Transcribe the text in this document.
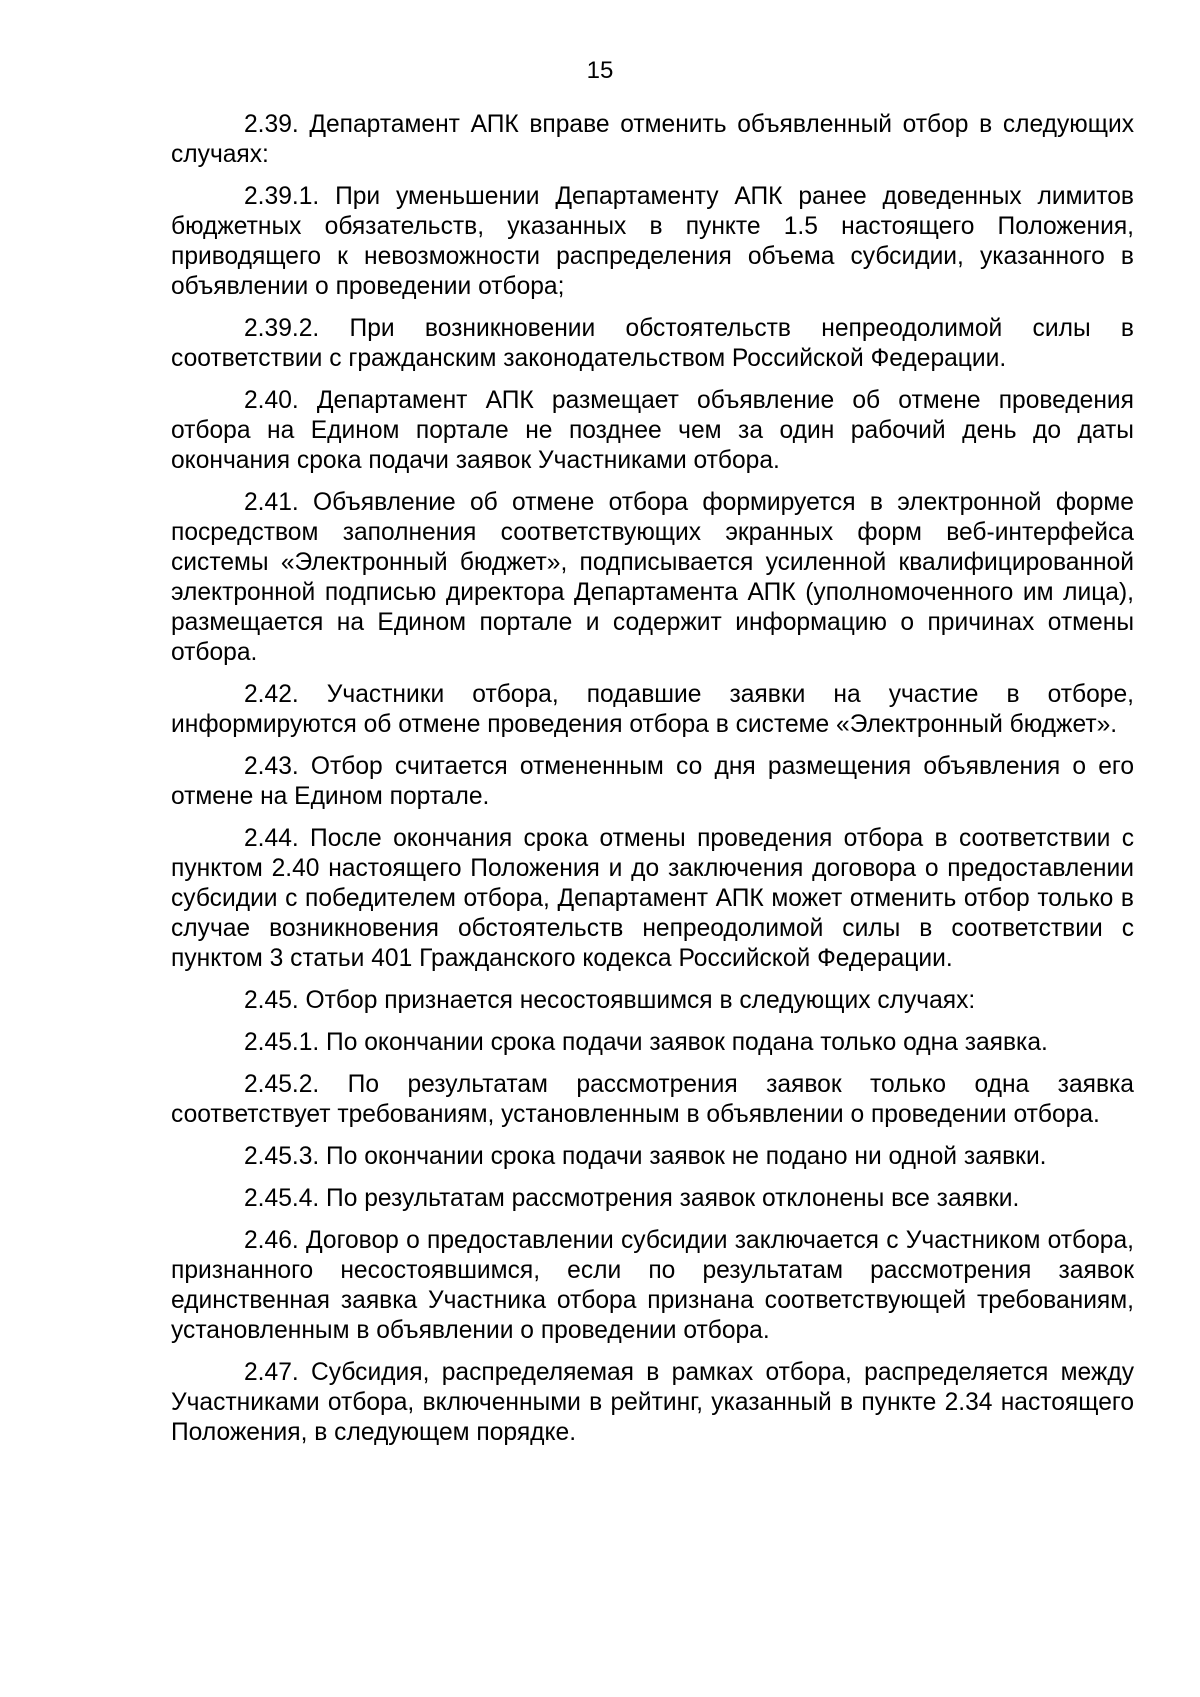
15

2.39. Департамент АПК вправе отменить объявленный отбор в следующих случаях:

2.39.1. При уменьшении Департаменту АПК ранее доведенных лимитов бюджетных обязательств, указанных в пункте 1.5 настоящего Положения, приводящего к невозможности распределения объема субсидии, указанного в объявлении о проведении отбора;

2.39.2. При возникновении обстоятельств непреодолимой силы в соответствии с гражданским законодательством Российской Федерации.

2.40. Департамент АПК размещает объявление об отмене проведения отбора на Едином портале не позднее чем за один рабочий день до даты окончания срока подачи заявок Участниками отбора.

2.41. Объявление об отмене отбора формируется в электронной форме посредством заполнения соответствующих экранных форм веб-интерфейса системы «Электронный бюджет», подписывается усиленной квалифицированной электронной подписью директора Департамента АПК (уполномоченного им лица), размещается на Едином портале и содержит информацию о причинах отмены отбора.

2.42. Участники отбора, подавшие заявки на участие в отборе, информируются об отмене проведения отбора в системе «Электронный бюджет».

2.43. Отбор считается отмененным со дня размещения объявления о его отмене на Едином портале.

2.44. После окончания срока отмены проведения отбора в соответствии с пунктом 2.40 настоящего Положения и до заключения договора о предоставлении субсидии с победителем отбора, Департамент АПК может отменить отбор только в случае возникновения обстоятельств непреодолимой силы в соответствии с пунктом 3 статьи 401 Гражданского кодекса Российской Федерации.

2.45. Отбор признается несостоявшимся в следующих случаях:

2.45.1. По окончании срока подачи заявок подана только одна заявка.

2.45.2. По результатам рассмотрения заявок только одна заявка соответствует требованиям, установленным в объявлении о проведении отбора.

2.45.3. По окончании срока подачи заявок не подано ни одной заявки.

2.45.4. По результатам рассмотрения заявок отклонены все заявки.

2.46. Договор о предоставлении субсидии заключается с Участником отбора, признанного несостоявшимся, если по результатам рассмотрения заявок единственная заявка Участника отбора признана соответствующей требованиям, установленным в объявлении о проведении отбора.

2.47. Субсидия, распределяемая в рамках отбора, распределяется между Участниками отбора, включенными в рейтинг, указанный в пункте 2.34 настоящего Положения, в следующем порядке.
